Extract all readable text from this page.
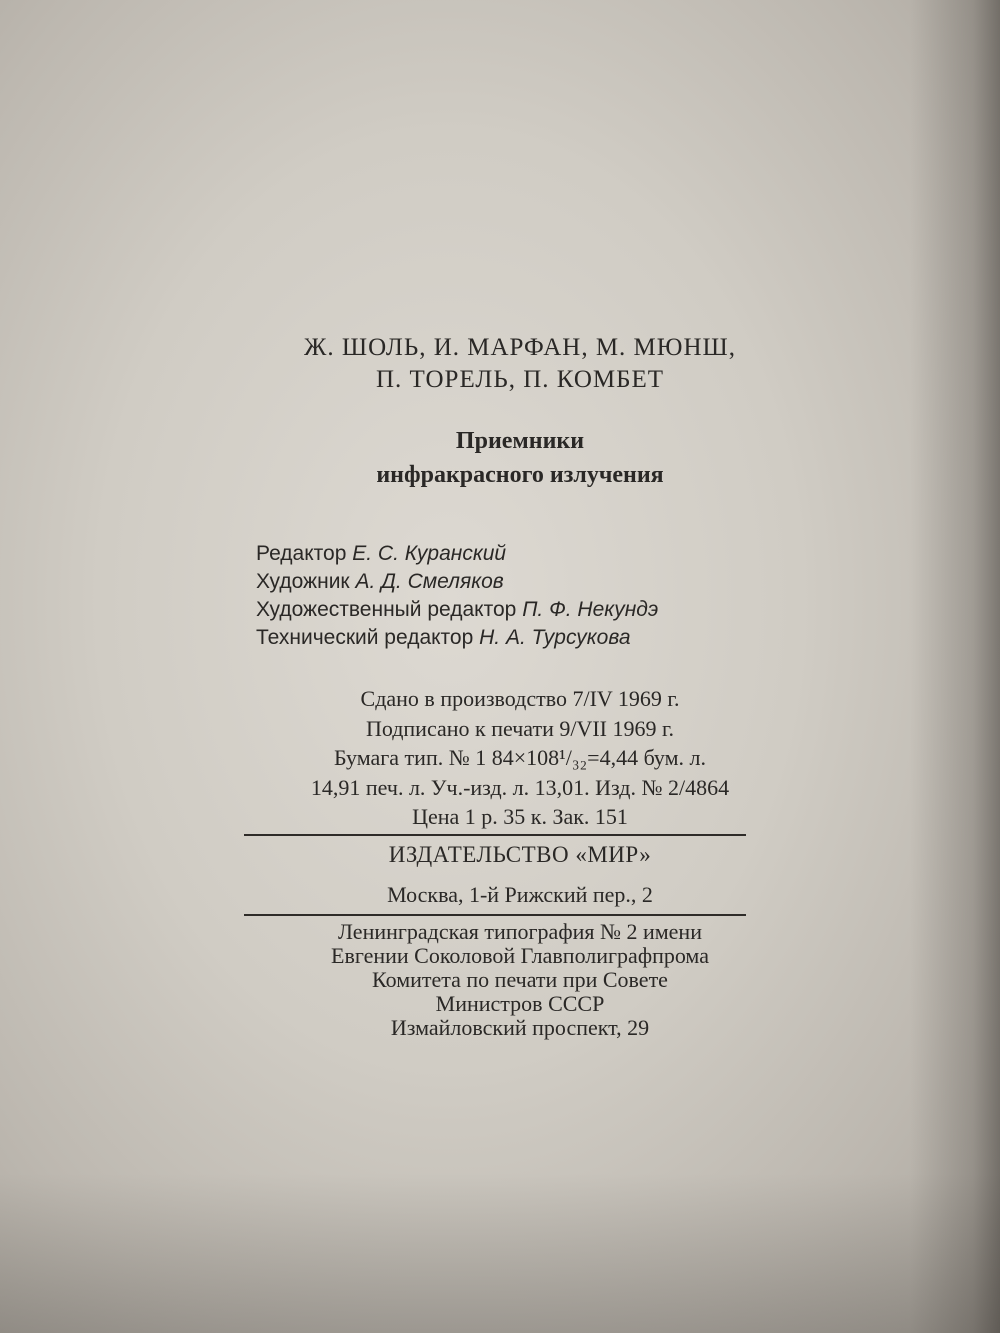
Ж. ШОЛЬ, И. МАРФАН, М. МЮНШ,
П. ТОРЕЛЬ, П. КОМБЕТ
Приемники
инфракрасного излучения
Редактор Е. С. Куранский
Художник А. Д. Смеляков
Художественный редактор П. Ф. Некундэ
Технический редактор Н. А. Турсукова
Сдано в производство 7/IV 1969 г.
Подписано к печати 9/VII 1969 г.
Бумага тип. № 1 84×108¹/₃₂=4,44 бум. л.
14,91 печ. л. Уч.-изд. л. 13,01. Изд. № 2/4864
Цена 1 р. 35 к. Зак. 151
ИЗДАТЕЛЬСТВО «МИР»
Москва, 1-й Рижский пер., 2
Ленинградская типография № 2 имени
Евгении Соколовой Главполиграфпрома
Комитета по печати при Совете
Министров СССР
Измайловский проспект, 29
